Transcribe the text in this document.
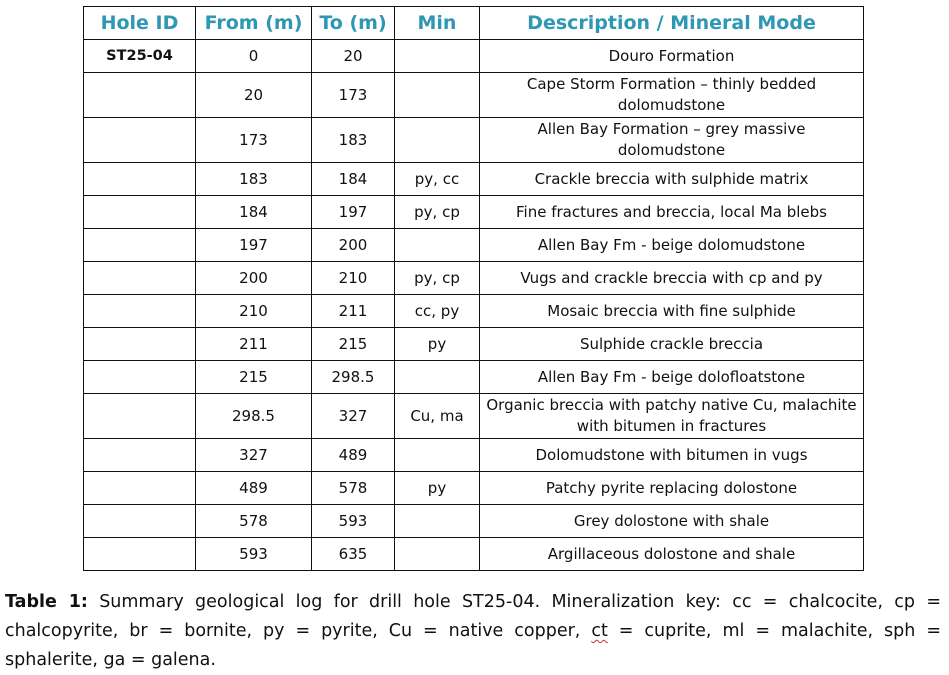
Hole ID	From (m)	To (m)	Min	Description / Mineral Mode
ST25-04	0	20		Douro Formation
	20	173		Cape Storm Formation – thinly bedded dolomudstone
	173	183		Allen Bay Formation – grey massive dolomudstone
	183	184	py, cc	Crackle breccia with sulphide matrix
	184	197	py, cp	Fine fractures and breccia, local Ma blebs
	197	200		Allen Bay Fm - beige dolomudstone
	200	210	py, cp	Vugs and crackle breccia with cp and py
	210	211	cc, py	Mosaic breccia with fine sulphide
	211	215	py	Sulphide crackle breccia
	215	298.5		Allen Bay Fm - beige dolofloatstone
	298.5	327	Cu, ma	Organic breccia with patchy native Cu, malachite with bitumen in fractures
	327	489		Dolomudstone with bitumen in vugs
	489	578	py	Patchy pyrite replacing dolostone
	578	593		Grey dolostone with shale
	593	635		Argillaceous dolostone and shale
Table 1: Summary geological log for drill hole ST25-04. Mineralization key: cc = chalcocite, cp = chalcopyrite, br = bornite, py = pyrite, Cu = native copper, ct = cuprite, ml = malachite, sph = sphalerite, ga = galena.
